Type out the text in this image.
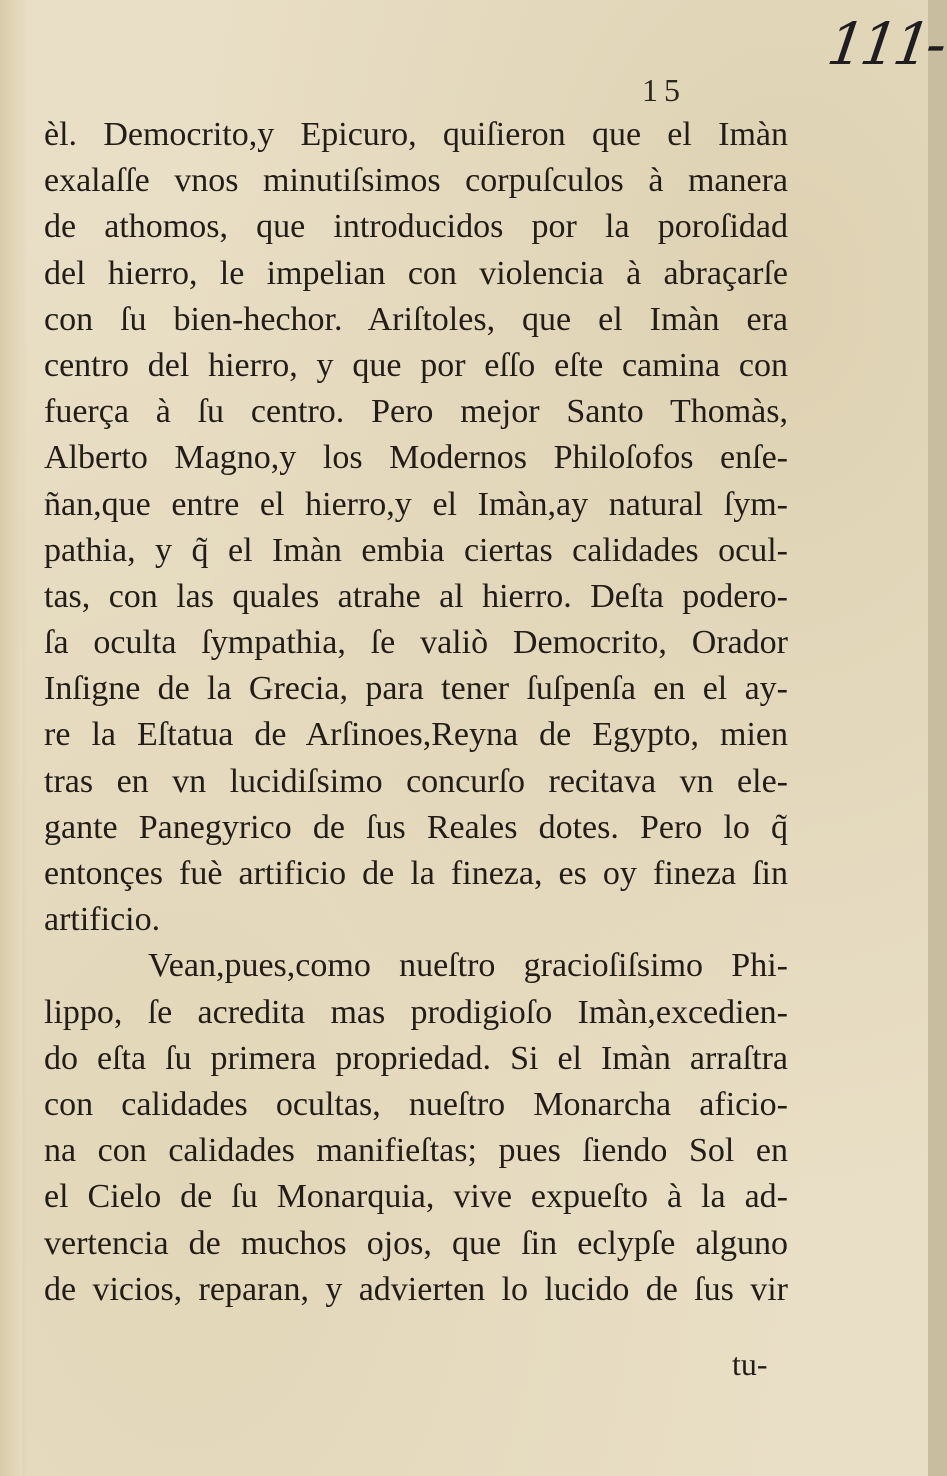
111-
15
èl. Democrito,y Epicuro, quiſieron que el Imàn
exalaſſe vnos minutiſsimos corpuſculos à manera
de athomos, que introducidos por la poroſidad
del hierro, le impelian con violencia à abraçarſe
con ſu bien-hechor. Ariſtoles, que el Imàn era
centro del hierro, y que por eſſo eſte camina con
fuerça à ſu centro. Pero mejor Santo Thomàs,
Alberto Magno,y los Modernos Philoſofos enſe-
ñan,que entre el hierro,y el Imàn,ay natural ſym-
pathia, y q̃ el Imàn embia ciertas calidades ocul-
tas, con las quales atrahe al hierro. Deſta podero-
ſa oculta ſympathia, ſe valiò Democrito, Orador
Inſigne de la Grecia, para tener ſuſpenſa en el ay-
re la Eſtatua de Arſinoes,Reyna de Egypto, mien
tras en vn lucidiſsimo concurſo recitava vn ele-
gante Panegyrico de ſus Reales dotes. Pero lo q̃
entonçes fuè artificio de la fineza, es oy fineza ſin
artificio.
Vean,pues,como nueſtro gracioſiſsimo Phi-
lippo, ſe acredita mas prodigioſo Imàn,excedien-
do eſta ſu primera propriedad. Si el Imàn arraſtra
con calidades ocultas, nueſtro Monarcha aficio-
na con calidades manifieſtas; pues ſiendo Sol en
el Cielo de ſu Monarquia, vive expueſto à la ad-
vertencia de muchos ojos, que ſin eclypſe alguno
de vicios, reparan, y advierten lo lucido de ſus vir
tu-
